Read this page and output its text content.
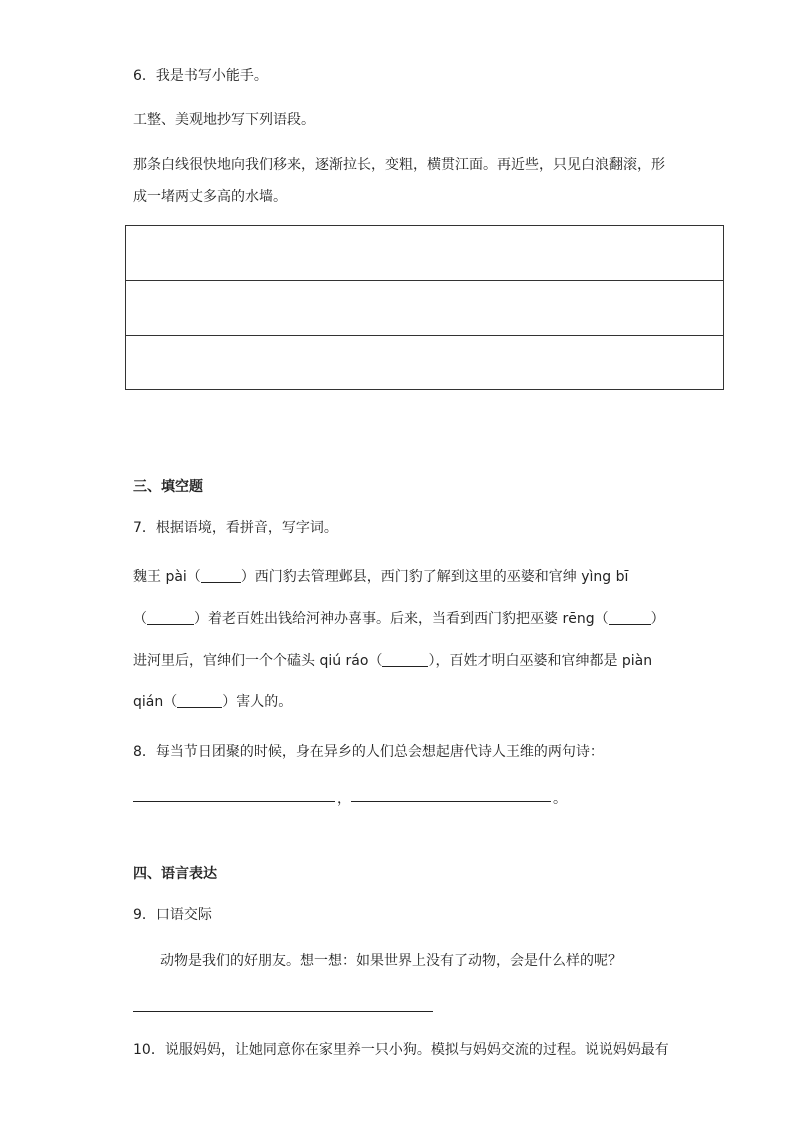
6．我是书写小能手。
工整、美观地抄写下列语段。
那条白线很快地向我们移来，逐渐拉长，变粗，横贯江面。再近些，只见白浪翻滚，形
成一堵两丈多高的水墙。
三、填空题
7．根据语境，看拼音，写字词。
魏王 pài（	）西门豹去管理邺县，西门豹了解到这里的巫婆和官绅 yìng bī
（	）着老百姓出钱给河神办喜事。后来，当看到西门豹把巫婆 rēng（	）
进河里后，官绅们一个个磕头 qiú ráo（	），百姓才明白巫婆和官绅都是 piàn
qián（	）害人的。
8．每当节日团聚的时候，身在异乡的人们总会想起唐代诗人王维的两句诗：
，	。
四、语言表达
9．口语交际
动物是我们的好朋友。想一想：如果世界上没有了动物，会是什么样的呢？
10．说服妈妈，让她同意你在家里养一只小狗。模拟与妈妈交流的过程。说说妈妈最有
